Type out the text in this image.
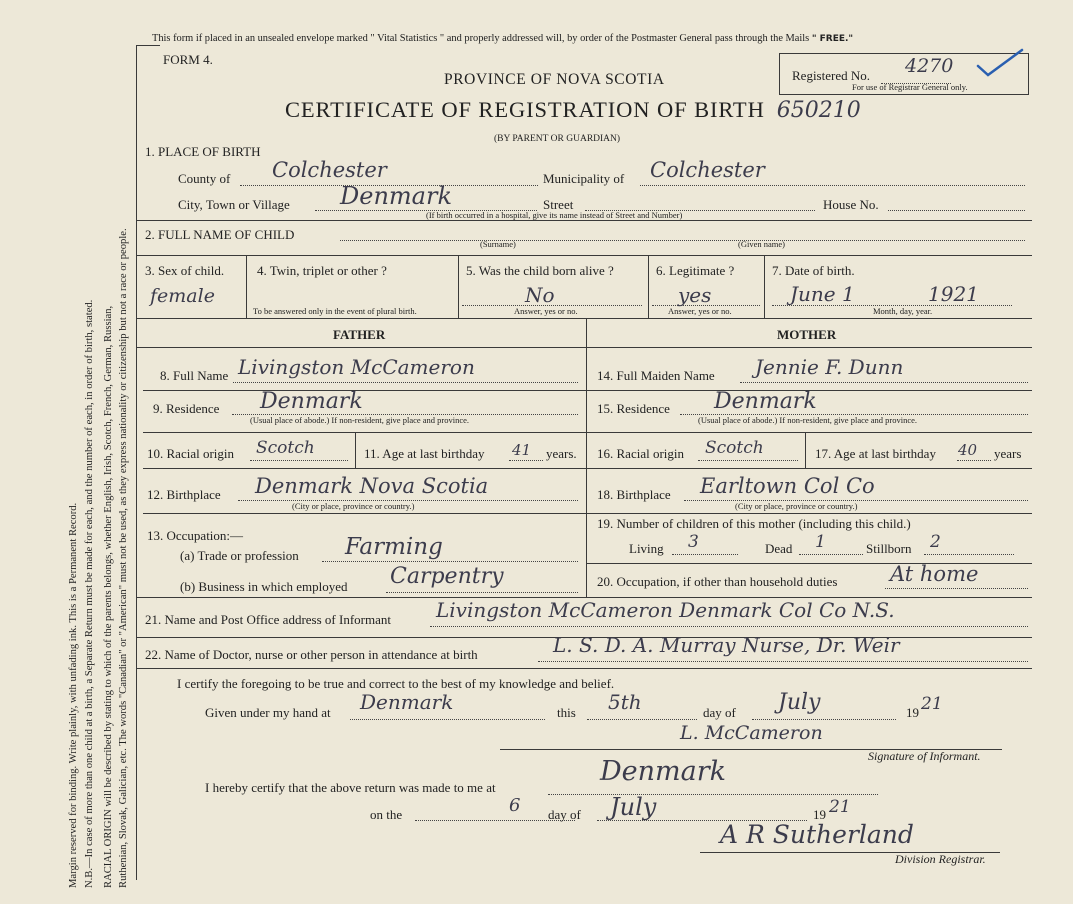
Margin reserved for binding. Write plainly, with unfading ink. This is a Permanent Record. N.B.—In case of more than one child at a birth, a Separate Return must be made for each, and the number of each, in order of birth, stated. RACIAL ORIGIN will be described by stating to which of the parents belongs, whether English, Irish, Scotch, French, German, Russian, Ruthenian, Slovak, Galician, etc. The words "Canadian" or "American" must not be used, as they express nationality or citizenship but not a race or people.
This form if placed in an unsealed envelope marked " Vital Statistics " and properly addressed will, by order of the Postmaster General pass through the Mails " FREE."
FORM 4.
Registered No. 4270
For use of Registrar General only.
PROVINCE OF NOVA SCOTIA
CERTIFICATE OF REGISTRATION OF BIRTH 650210
(BY PARENT OR GUARDIAN)
1. PLACE OF BIRTH
County of Colchester	Municipality of Colchester
City, Town or Village Denmark	Street	House No.
(If birth occurred in a hospital, give its name instead of Street and Number)
2. FULL NAME OF CHILD
(Surname)	(Given name)
3. Sex of child.
female
4. Twin, triplet or other ?
To be answered only in the event of plural birth.
5. Was the child born alive ?
No
Answer, yes or no.
6. Legitimate ?
yes
Answer, yes or no.
7. Date of birth.
June 1	1921
Month, day, year.
FATHER	MOTHER
8. Full Name Livingston McCameron
9. Residence Denmark
(Usual place of abode.) If non-resident, give place and province.
10. Racial origin Scotch	11. Age at last birthday 41 years.
12. Birthplace Denmark Nova Scotia
(City or place, province or country.)
13. Occupation:—
(a) Trade or profession Farming
(b) Business in which employed Carpentry
14. Full Maiden Name Jennie F. Dunn
15. Residence Denmark
(Usual place of abode.) If non-resident, give place and province.
16. Racial origin Scotch	17. Age at last birthday 40 years
18. Birthplace Earltown Col Co
(City or place, province or country.)
19. Number of children of this mother (including this child.)
Living 3	Dead 1	Stillborn 2
20. Occupation, if other than household duties	At home
21. Name and Post Office address of Informant Livingston McCameron Denmark Col Co N.S.
22. Name of Doctor, nurse or other person in attendance at birth	L. S. D. A. Murray Nurse, Dr. Weir
I certify the foregoing to be true and correct to the best of my knowledge and belief.
Given under my hand at Denmark	this 5th	day of July	19 21
L. McCameron
Signature of Informant.
I hereby certify that the above return was made to me at
Denmark
on the	6 day of July	19 21
A R Sutherland
Division Registrar.
